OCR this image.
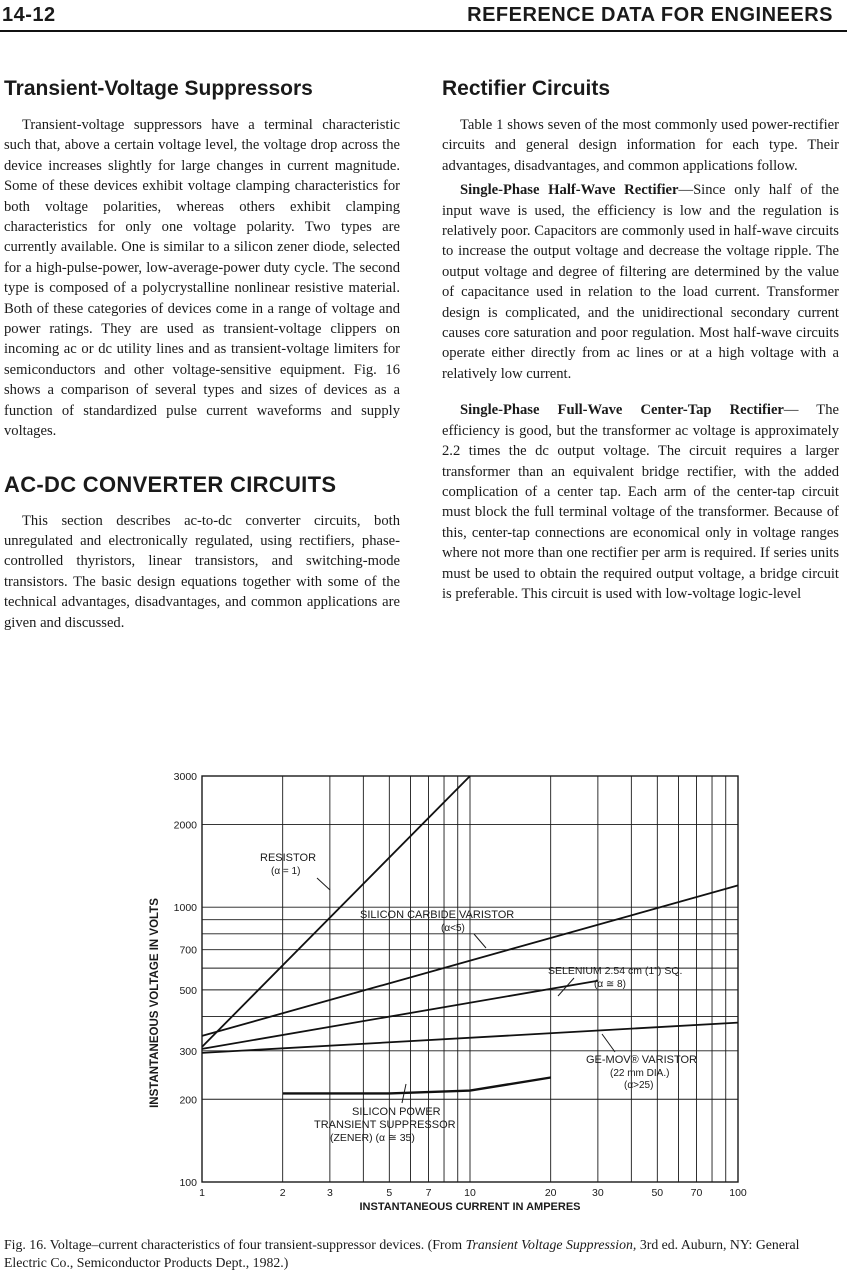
14-12	REFERENCE DATA FOR ENGINEERS
Transient-Voltage Suppressors

Transient-voltage suppressors have a terminal characteristic such that, above a certain voltage level, the voltage drop across the device increases slightly for large changes in current magnitude. Some of these devices exhibit voltage clamping characteristics for both voltage polarities, whereas others exhibit clamping characteristics for only one voltage polarity. Two types are currently available. One is similar to a silicon zener diode, selected for a high-pulse-power, low-average-power duty cycle. The second type is composed of a polycrystalline nonlinear resistive material. Both of these categories of devices come in a range of voltage and power ratings. They are used as transient-voltage clippers on incoming ac or dc utility lines and as transient-voltage limiters for semiconductors and other voltage-sensitive equipment. Fig. 16 shows a comparison of several types and sizes of devices as a function of standardized pulse current waveforms and supply voltages.

AC-DC CONVERTER CIRCUITS

This section describes ac-to-dc converter circuits, both unregulated and electronically regulated, using rectifiers, phase-controlled thyristors, linear transistors, and switching-mode transistors. The basic design equations together with some of the technical advantages, disadvantages, and common applications are given and discussed.

Rectifier Circuits

Table 1 shows seven of the most commonly used power-rectifier circuits and general design information for each type. Their advantages, disadvantages, and common applications follow.

Single-Phase Half-Wave Rectifier—Since only half of the input wave is used, the efficiency is low and the regulation is relatively poor. Capacitors are commonly used in half-wave circuits to increase the output voltage and decrease the voltage ripple. The output voltage and degree of filtering are determined by the value of capacitance used in relation to the load current. Transformer design is complicated, and the unidirectional secondary current causes core saturation and poor regulation. Most half-wave circuits operate either directly from ac lines or at a high voltage with a relatively low current.

Single-Phase Full-Wave Center-Tap Rectifier— The efficiency is good, but the transformer ac voltage is approximately 2.2 times the dc output voltage. The circuit requires a larger transformer than an equivalent bridge rectifier, with the added complication of a center tap. Each arm of the center-tap circuit must block the full terminal voltage of the transformer. Because of this, center-tap connections are economical only in voltage ranges where not more than one rectifier per arm is required. If series units must be used to obtain the required output voltage, a bridge circuit is preferable. This circuit is used with low-voltage logic-level

100
200
300
500
700
1000
2000
3000
1	2	3	5	7	10	20	30	50	70	100
INSTANTANEOUS VOLTAGE IN VOLTS
INSTANTANEOUS CURRENT IN AMPERES
RESISTOR
(α = 1)
SILICON CARBIDE VARISTOR
(α<5)
SELENIUM 2.54 cm (1") SQ.
(α ≅ 8)
GE-MOV® VARISTOR
(22 mm DIA.)
(α>25)
SILICON POWER
TRANSIENT SUPPRESSOR
(ZENER) (α ≅ 35)
Fig. 16. Voltage–current characteristics of four transient-suppressor devices. (From Transient Voltage Suppression, 3rd ed. Auburn, NY: General Electric Co., Semiconductor Products Dept., 1982.)
